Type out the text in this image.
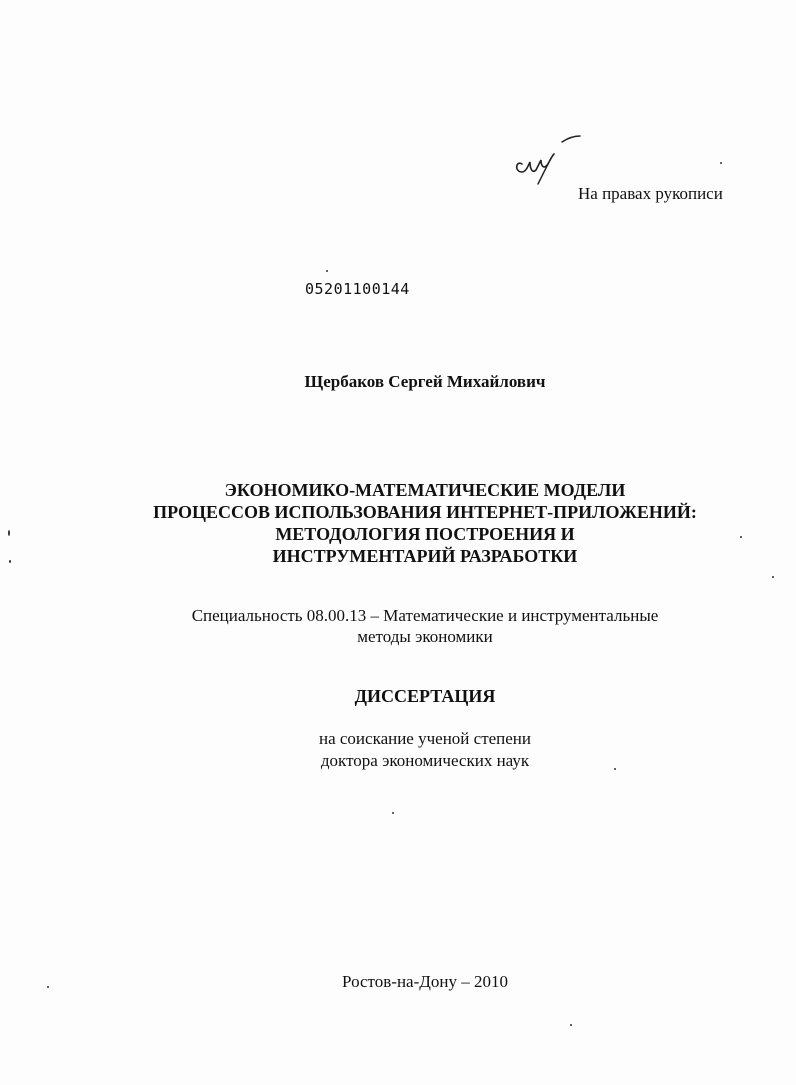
На правах рукописи
05201100144
Щербаков Сергей Михайлович
ЭКОНОМИКО-МАТЕМАТИЧЕСКИЕ МОДЕЛИ
ПРОЦЕССОВ ИСПОЛЬЗОВАНИЯ ИНТЕРНЕТ-ПРИЛОЖЕНИЙ:
МЕТОДОЛОГИЯ ПОСТРОЕНИЯ И
ИНСТРУМЕНТАРИЙ РАЗРАБОТКИ
Специальность 08.00.13 – Математические и инструментальные
методы экономики
ДИССЕРТАЦИЯ
на соискание ученой степени
доктора экономических наук
Ростов-на-Дону – 2010
